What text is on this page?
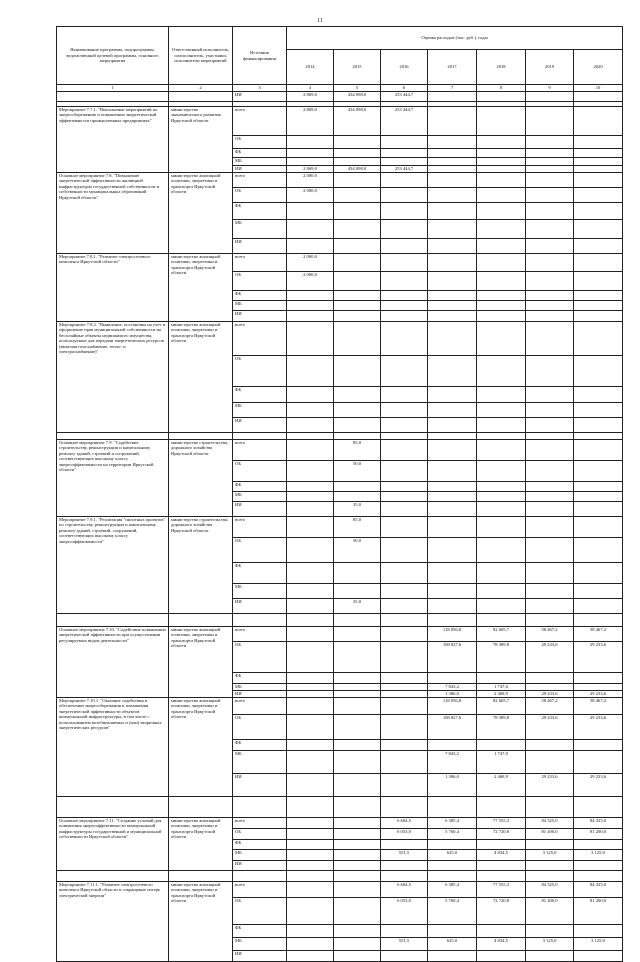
11
Наименование программы, подпрограммы, ведомственной целевой программы, основного мероприятия	Ответственный исполнитель, соисполнитель, участники, исполнители мероприятий	Источник финансирования	Оценка расходов (тыс. руб.), годы						
			2014	2015	2016	2017	2018	2019	2020
1	2	3	4	5	6	7	8	9	10
		ИИ	2 869,0	434 098,0	253 444,7				

Мероприятие 7.7.1. "Выполнение мероприятий по энергосбережению и повышению энергетической эффективности промышленных предприятиях"	министерство экономического развития Иркутской области	всего	2 869,0	434 098,0	253 444,7				
		ОБ							
		ФБ							
		МБ							
		ИИ	2 869,0	434 098,0	253 444,7				
Основное мероприятие 7.8. "Повышение энергетической эффективности жилищной инфраструктуры государственной собственности и собственности муниципальных образований Иркутской области"	министерство жилищной политики, энергетики и транспорта Иркутской области	всего	2 000,0						
		ОБ	2 000,0						
		ФБ							
		МБ							
		ИИ							
Мероприятие 7.8.1. "Развитие электросетевого комплекса Иркутской области"	министерство жилищной политики, энергетики и транспорта Иркутской области	всего	2 000,0						
		ОБ	2 000,0						
		ФБ							
		МБ							
		ИИ							
Мероприятие 7.8.2. "Выявление, постановка на учет и оформление прав муниципальной собственности на бесхозяйные объекты недвижимого имущества, используемые для передачи энергетических ресурсов (включая газоснабжение, тепло- и электроснабжение)"	министерство жилищной политики, энергетики и транспорта Иркутской области	всего							
		ОБ							
		ФБ							
		МБ							
		ИИ							

Основное мероприятие 7.9. "Содействие строительству, реконструкции и капитальному ремонту зданий, строений и сооружений, соответствующих высокому классу энергоэффективности на территории Иркутской области"	министерство строительства, дорожного хозяйства Иркутской области	всего		85,0					
		ОБ		50,0					
		ФБ							
		МБ							
		ИИ		35,0					
Мероприятие 7.9.1. "Реализация "пилотных проектов" по строительству, реконструкции и капитальному ремонту зданий, строений, сооружений, соответствующих высокому классу энергоэффективности"	министерство строительства, дорожного хозяйства Иркутской области	всего		85,0					
		ОБ		50,0					
		ФБ							
		МБ							
		ИИ		35,0					

Основное мероприятие 7.10. "Содействие повышению энергетической эффективности при осуществлении регулируемых видов деятельности"	министерство жилищной политики, энергетики и транспорта Иркутской области	всего				118 056,8	82 605,7	58 467,2	58 467,2
		ОБ				108 827,6	78 389,8	29 233,6	29 233,6
		ФБ							
		МБ				7 843,2	1 747,0		
		ИИ				1 386,0	2 468,9	29 233,6	29 233,6
Мероприятие 7.10.1. "Оказание содействия в обеспечении энергосбережения и повышения энергетической эффективности объектов коммунальной инфраструктуры, в том числе с использованием возобновляемых и (или) вторичных энергетических ресурсов"	министерство жилищной политики, энергетики и транспорта Иркутской области	всего				118 056,8	82 605,7	58 467,2	58 467,2
		ОБ				108 827,6	78 389,8	29 233,6	29 233,6
		ФБ							
		МБ				7 843,2	1 747,0		
		ИИ				1 386,0	2 468,9	29 233,6	29 233,6

Основное мероприятие 7.11. "Создание условий для повышения энергоэффективности коммунальной инфраструктуры государственной и муниципальной собственности Иркутской области"	министерство жилищной политики, энергетики и транспорта Иркутской области	всего			6 604,5	6 385,4	77 555,3	84 325,0	84 325,0
		ОБ			6 053,0	5 760,4	72 720,8	81 200,0	81 200,0
		ФБ							
		МБ			551,5	625,0	4 834,5	3 125,0	3 125,0
		ИИ							

Мероприятие 7.11.1. "Развитие электросетевого комплекса Иркутской области и сокращение потерь электрической энергии"	министерство жилищной политики, энергетики и транспорта Иркутской области	всего			6 604,5	6 385,4	77 555,3	84 325,0	84 325,0
		ОБ			6 053,0	5 760,4	72 720,8	81 200,0	81 200,0
		ФБ							
		МБ			551,5	625,0	4 834,5	3 125,0	3 125,0
		ИИ							
